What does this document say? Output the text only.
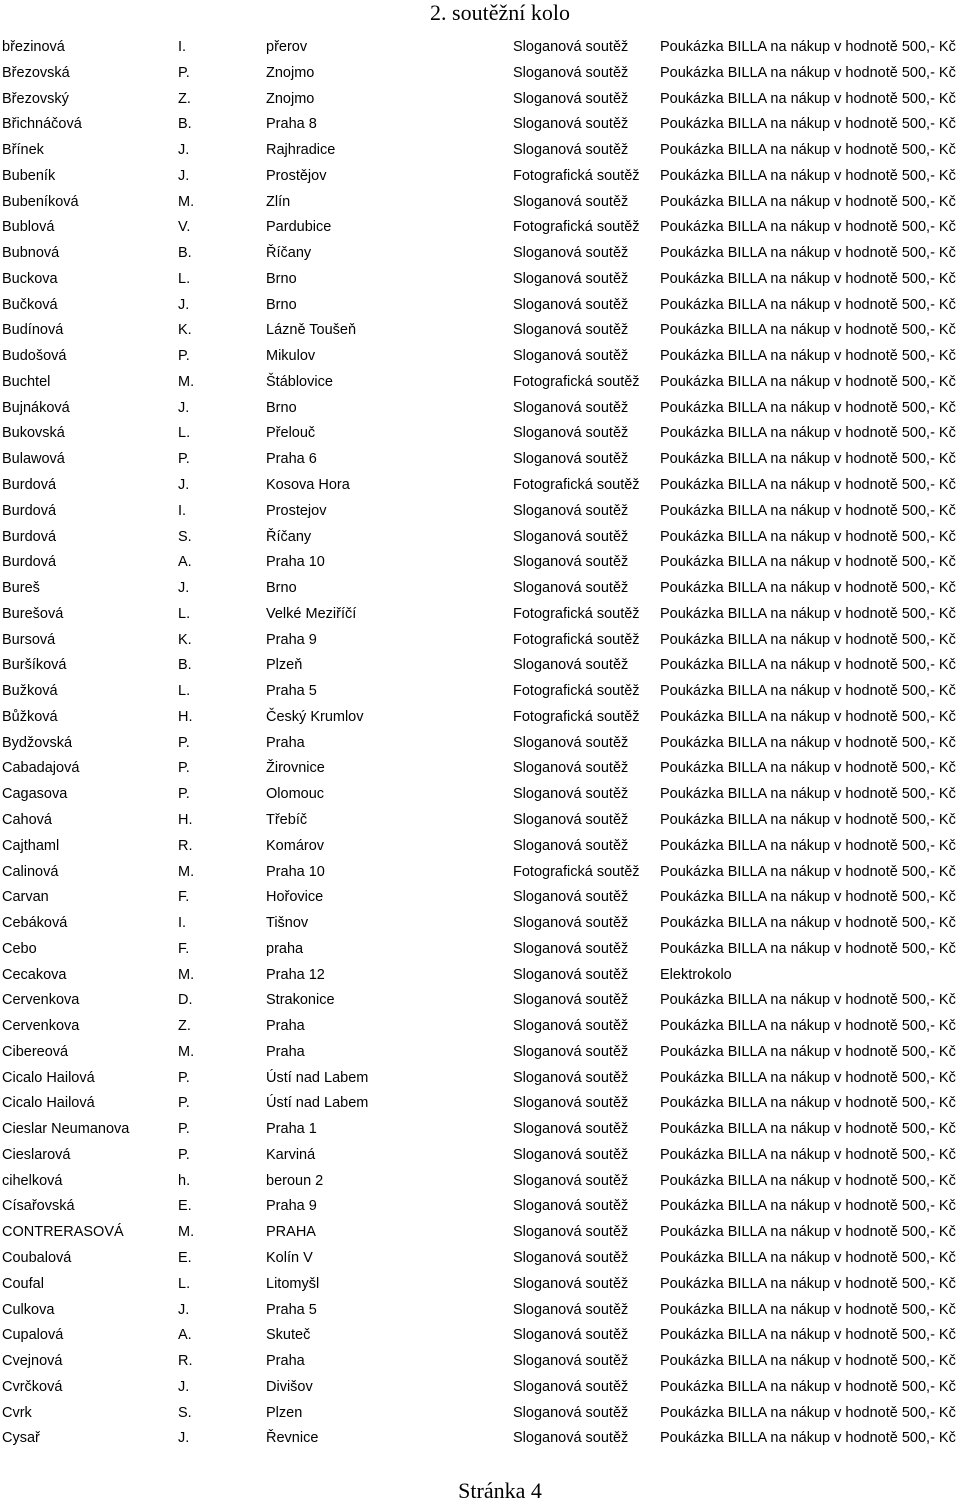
2. soutěžní kolo
březinová	I.	přerov	Sloganová soutěž Poukázka BILLA na nákup v hodnotě 500,- Kč
Březovská	P.	Znojmo	Sloganová soutěž Poukázka BILLA na nákup v hodnotě 500,- Kč
Březovský	Z.	Znojmo	Sloganová soutěž Poukázka BILLA na nákup v hodnotě 500,- Kč
Břichnáčová	B.	Praha 8	Sloganová soutěž Poukázka BILLA na nákup v hodnotě 500,- Kč
Břínek	J.	Rajhradice	Sloganová soutěž Poukázka BILLA na nákup v hodnotě 500,- Kč
Bubeník	J.	Prostějov	Fotografická soutěž Poukázka BILLA na nákup v hodnotě 500,- Kč
Bubeníková	M.	Zlín	Sloganová soutěž Poukázka BILLA na nákup v hodnotě 500,- Kč
Bublová	V.	Pardubice	Fotografická soutěž Poukázka BILLA na nákup v hodnotě 500,- Kč
Bubnová	B.	Říčany	Sloganová soutěž Poukázka BILLA na nákup v hodnotě 500,- Kč
Buckova	L.	Brno	Sloganová soutěž Poukázka BILLA na nákup v hodnotě 500,- Kč
Bučková	J.	Brno	Sloganová soutěž Poukázka BILLA na nákup v hodnotě 500,- Kč
Budínová	K.	Lázně Toušeň	Sloganová soutěž Poukázka BILLA na nákup v hodnotě 500,- Kč
Budošová	P.	Mikulov	Sloganová soutěž Poukázka BILLA na nákup v hodnotě 500,- Kč
Buchtel	M.	Štáblovice	Fotografická soutěž Poukázka BILLA na nákup v hodnotě 500,- Kč
Bujnáková	J.	Brno	Sloganová soutěž Poukázka BILLA na nákup v hodnotě 500,- Kč
Bukovská	L.	Přelouč	Sloganová soutěž Poukázka BILLA na nákup v hodnotě 500,- Kč
Bulawová	P.	Praha 6	Sloganová soutěž Poukázka BILLA na nákup v hodnotě 500,- Kč
Burdová	J.	Kosova Hora	Fotografická soutěž Poukázka BILLA na nákup v hodnotě 500,- Kč
Burdová	I.	Prostejov	Sloganová soutěž Poukázka BILLA na nákup v hodnotě 500,- Kč
Burdová	S.	Říčany	Sloganová soutěž Poukázka BILLA na nákup v hodnotě 500,- Kč
Burdová	A.	Praha 10	Sloganová soutěž Poukázka BILLA na nákup v hodnotě 500,- Kč
Bureš	J.	Brno	Sloganová soutěž Poukázka BILLA na nákup v hodnotě 500,- Kč
Burešová	L.	Velké Meziříčí	Fotografická soutěž Poukázka BILLA na nákup v hodnotě 500,- Kč
Bursová	K.	Praha 9	Fotografická soutěž Poukázka BILLA na nákup v hodnotě 500,- Kč
Buršíková	B.	Plzeň	Sloganová soutěž Poukázka BILLA na nákup v hodnotě 500,- Kč
Bužková	L.	Praha 5	Fotografická soutěž Poukázka BILLA na nákup v hodnotě 500,- Kč
Bůžková	H.	Český Krumlov	Fotografická soutěž Poukázka BILLA na nákup v hodnotě 500,- Kč
Bydžovská	P.	Praha	Sloganová soutěž Poukázka BILLA na nákup v hodnotě 500,- Kč
Cabadajová	P.	Žirovnice	Sloganová soutěž Poukázka BILLA na nákup v hodnotě 500,- Kč
Cagasova	P.	Olomouc	Sloganová soutěž Poukázka BILLA na nákup v hodnotě 500,- Kč
Cahová	H.	Třebíč	Sloganová soutěž Poukázka BILLA na nákup v hodnotě 500,- Kč
Cajthaml	R.	Komárov	Sloganová soutěž Poukázka BILLA na nákup v hodnotě 500,- Kč
Calinová	M.	Praha 10	Fotografická soutěž Poukázka BILLA na nákup v hodnotě 500,- Kč
Carvan	F.	Hořovice	Sloganová soutěž Poukázka BILLA na nákup v hodnotě 500,- Kč
Cebáková	I.	Tišnov	Sloganová soutěž Poukázka BILLA na nákup v hodnotě 500,- Kč
Cebo	F.	praha	Sloganová soutěž Poukázka BILLA na nákup v hodnotě 500,- Kč
Cecakova	M.	Praha 12	Sloganová soutěž Elektrokolo
Cervenkova	D.	Strakonice	Sloganová soutěž Poukázka BILLA na nákup v hodnotě 500,- Kč
Cervenkova	Z.	Praha	Sloganová soutěž Poukázka BILLA na nákup v hodnotě 500,- Kč
Cibereová	M.	Praha	Sloganová soutěž Poukázka BILLA na nákup v hodnotě 500,- Kč
Cicalo Hailová	P.	Ústí nad Labem	Sloganová soutěž Poukázka BILLA na nákup v hodnotě 500,- Kč
Cicalo Hailová	P.	Ústí nad Labem	Sloganová soutěž Poukázka BILLA na nákup v hodnotě 500,- Kč
Cieslar Neumanova	P.	Praha 1	Sloganová soutěž Poukázka BILLA na nákup v hodnotě 500,- Kč
Cieslarová	P.	Karviná	Sloganová soutěž Poukázka BILLA na nákup v hodnotě 500,- Kč
cihelková	h.	beroun 2	Sloganová soutěž Poukázka BILLA na nákup v hodnotě 500,- Kč
Císařovská	E.	Praha 9	Sloganová soutěž Poukázka BILLA na nákup v hodnotě 500,- Kč
CONTRERASOVÁ	M.	PRAHA	Sloganová soutěž Poukázka BILLA na nákup v hodnotě 500,- Kč
Coubalová	E.	Kolín V	Sloganová soutěž Poukázka BILLA na nákup v hodnotě 500,- Kč
Coufal	L.	Litomyšl	Sloganová soutěž Poukázka BILLA na nákup v hodnotě 500,- Kč
Culkova	J.	Praha 5	Sloganová soutěž Poukázka BILLA na nákup v hodnotě 500,- Kč
Cupalová	A.	Skuteč	Sloganová soutěž Poukázka BILLA na nákup v hodnotě 500,- Kč
Cvejnová	R.	Praha	Sloganová soutěž Poukázka BILLA na nákup v hodnotě 500,- Kč
Cvrčková	J.	Divišov	Sloganová soutěž Poukázka BILLA na nákup v hodnotě 500,- Kč
Cvrk	S.	Plzen	Sloganová soutěž Poukázka BILLA na nákup v hodnotě 500,- Kč
Cysař	J.	Řevnice	Sloganová soutěž Poukázka BILLA na nákup v hodnotě 500,- Kč
Stránka 4
